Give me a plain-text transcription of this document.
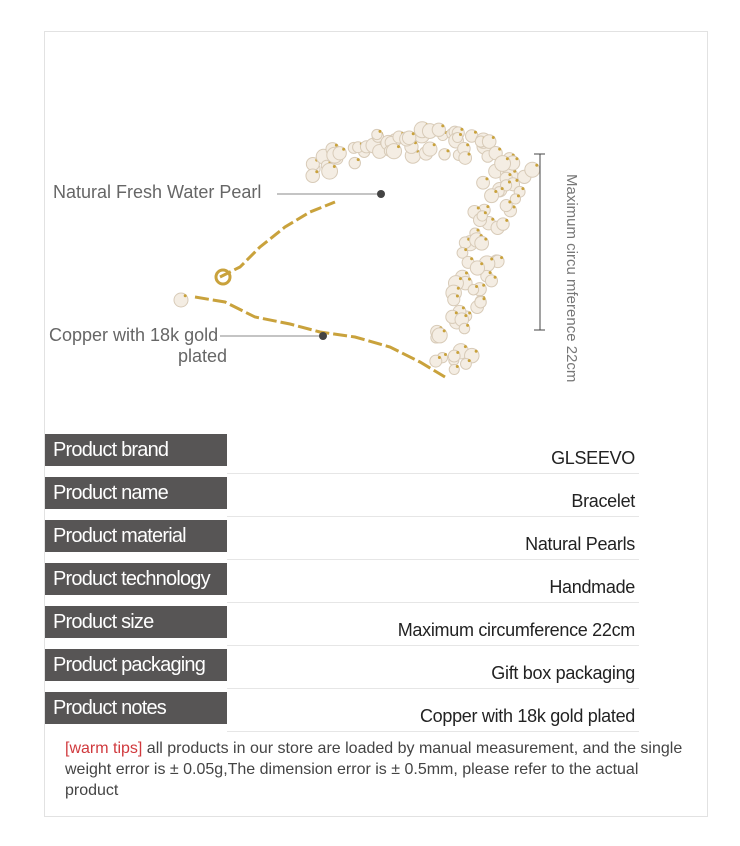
Natural Fresh Water Pearl
Copper with 18k gold
plated	Maximum circu mference 22cm
Product brand	GLSEEVO
Product name	Bracelet
Product material	Natural Pearls
Product technology	Handmade
Product size	Maximum circumference 22cm
Product packaging	Gift box packaging
Product notes	Copper with 18k gold plated
[warm tips] all products in our store are loaded by manual measurement, and the single weight error is ± 0.05g,The dimension error is ± 0.5mm, please refer to the actual product
